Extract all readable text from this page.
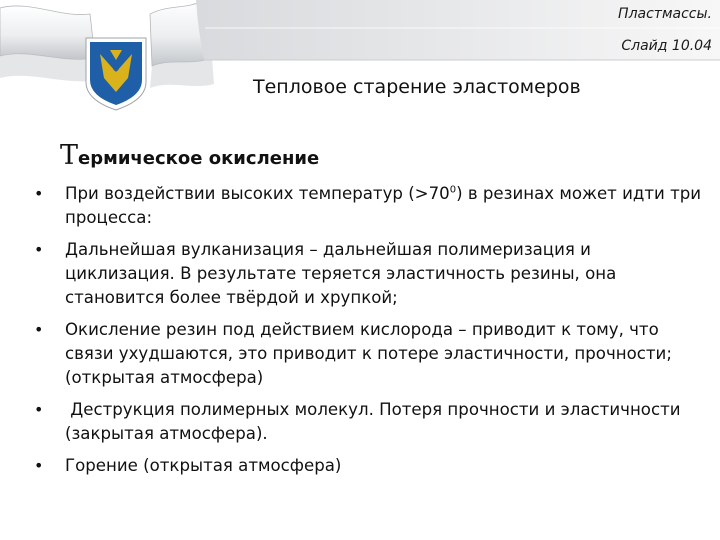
Пластмассы.
Слайд 10.04
Тепловое старение эластомеров
Термическое окисление
• При воздействии высоких температур $(>70^0)$ в резинах может идти три процесса:
• Дальнейшая вулканизация – дальнейшая полимеризация и циклизация. В результате теряется эластичность резины, она становится более твёрдой и хрупкой;
• Окисление резин под действием кислорода – приводит к тому, что связи ухудшаются, это приводит к потере эластичности, прочности; (открытая атмосфера)
• Деструкция полимерных молекул. Потеря прочности и эластичности (закрытая атмосфера).
• Горение (открытая атмосфера)
